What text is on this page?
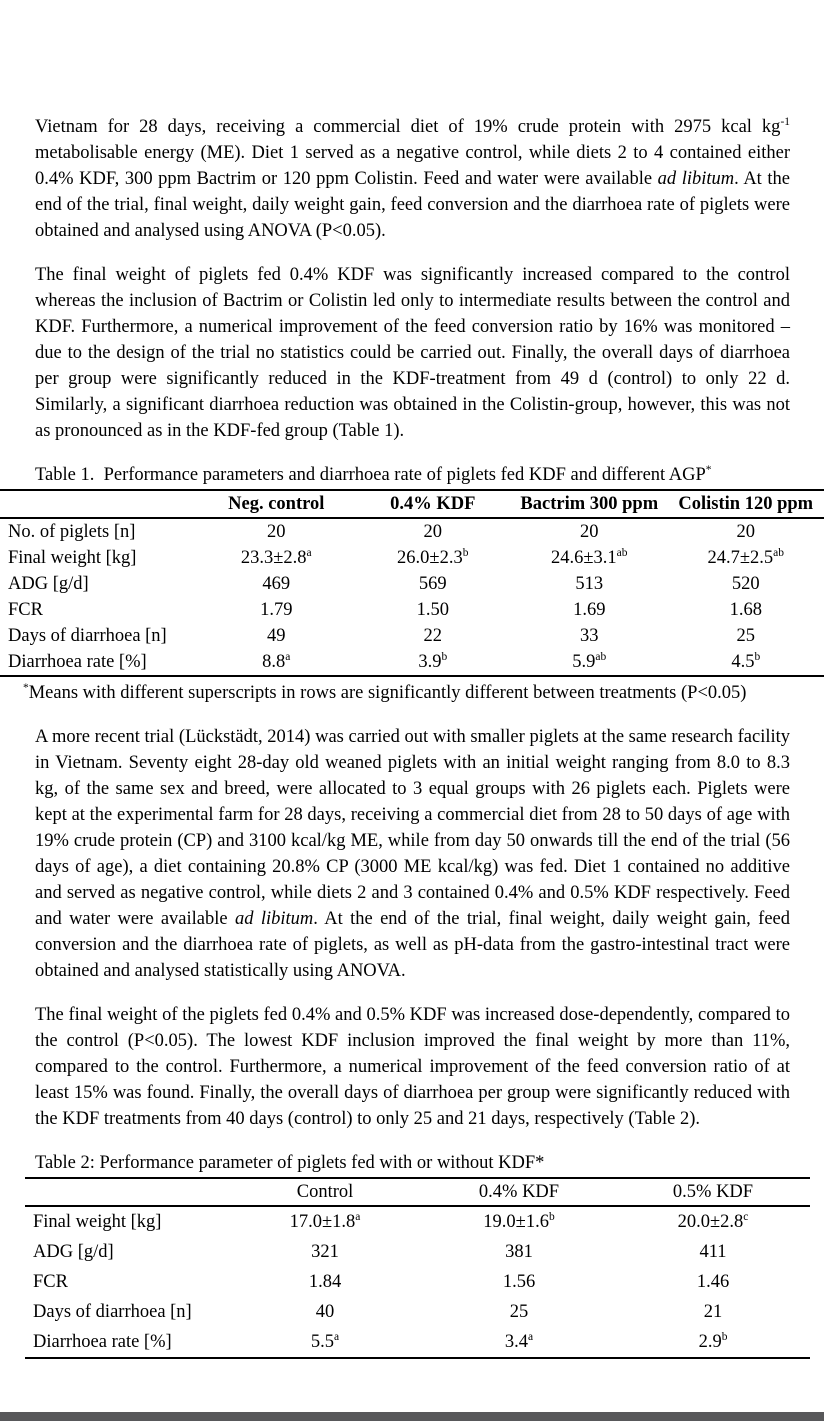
Vietnam for 28 days, receiving a commercial diet of 19% crude protein with 2975 kcal $kg^{-1}$ metabolisable energy (ME). Diet 1 served as a negative control, while diets 2 to 4 contained either 0.4% KDF, 300 ppm Bactrim or 120 ppm Colistin. Feed and water were available ad libitum. At the end of the trial, final weight, daily weight gain, feed conversion and the diarrhoea rate of piglets were obtained and analysed using ANOVA (P<0.05).

The final weight of piglets fed 0.4% KDF was significantly increased compared to the control whereas the inclusion of Bactrim or Colistin led only to intermediate results between the control and KDF. Furthermore, a numerical improvement of the feed conversion ratio by 16% was monitored – due to the design of the trial no statistics could be carried out. Finally, the overall days of diarrhoea per group were significantly reduced in the KDF-treatment from 49 d (control) to only 22 d. Similarly, a significant diarrhoea reduction was obtained in the Colistin-group, however, this was not as pronounced as in the KDF-fed group (Table 1).

Table 1.  Performance parameters and diarrhoea rate of piglets fed KDF and different AGP*
	Neg. control	0.4% KDF	Bactrim 300 ppm	Colistin 120 ppm
No. of piglets [n]	20	20	20	20
Final weight [kg]	23.3±2.8$^a$	26.0±2.3$^b$	24.6±3.1$^{ab}$	24.7±2.5$^{ab}$
ADG [g/d]	469	569	513	520
FCR	1.79	1.50	1.69	1.68
Days of diarrhoea [n]	49	22	33	25
Diarrhoea rate [%]	8.8$^a$	3.9$^b$	5.9$^{ab}$	4.5$^b$
*Means with different superscripts in rows are significantly different between treatments (P<0.05)

A more recent trial (Lückstädt, 2014) was carried out with smaller piglets at the same research facility in Vietnam. Seventy eight 28-day old weaned piglets with an initial weight ranging from 8.0 to 8.3 kg, of the same sex and breed, were allocated to 3 equal groups with 26 piglets each. Piglets were kept at the experimental farm for 28 days, receiving a commercial diet from 28 to 50 days of age with 19% crude protein (CP) and 3100 kcal/kg ME, while from day 50 onwards till the end of the trial (56 days of age), a diet containing 20.8% CP (3000 ME kcal/kg) was fed. Diet 1 contained no additive and served as negative control, while diets 2 and 3 contained 0.4% and 0.5% KDF respectively. Feed and water were available ad libitum. At the end of the trial, final weight, daily weight gain, feed conversion and the diarrhoea rate of piglets, as well as pH-data from the gastro-intestinal tract were obtained and analysed statistically using ANOVA.

The final weight of the piglets fed 0.4% and 0.5% KDF was increased dose-dependently, compared to the control (P<0.05). The lowest KDF inclusion improved the final weight by more than 11%, compared to the control. Furthermore, a numerical improvement of the feed conversion ratio of at least 15% was found. Finally, the overall days of diarrhoea per group were significantly reduced with the KDF treatments from 40 days (control) to only 25 and 21 days, respectively (Table 2).

Table 2: Performance parameter of piglets fed with or without KDF*
	Control	0.4% KDF	0.5% KDF
Final weight [kg]	17.0±1.8$^a$	19.0±1.6$^b$	20.0±2.8$^c$
ADG [g/d]	321	381	411
FCR	1.84	1.56	1.46
Days of diarrhoea [n]	40	25	21
Diarrhoea rate [%]	5.5$^a$	3.4$^a$	2.9$^b$
